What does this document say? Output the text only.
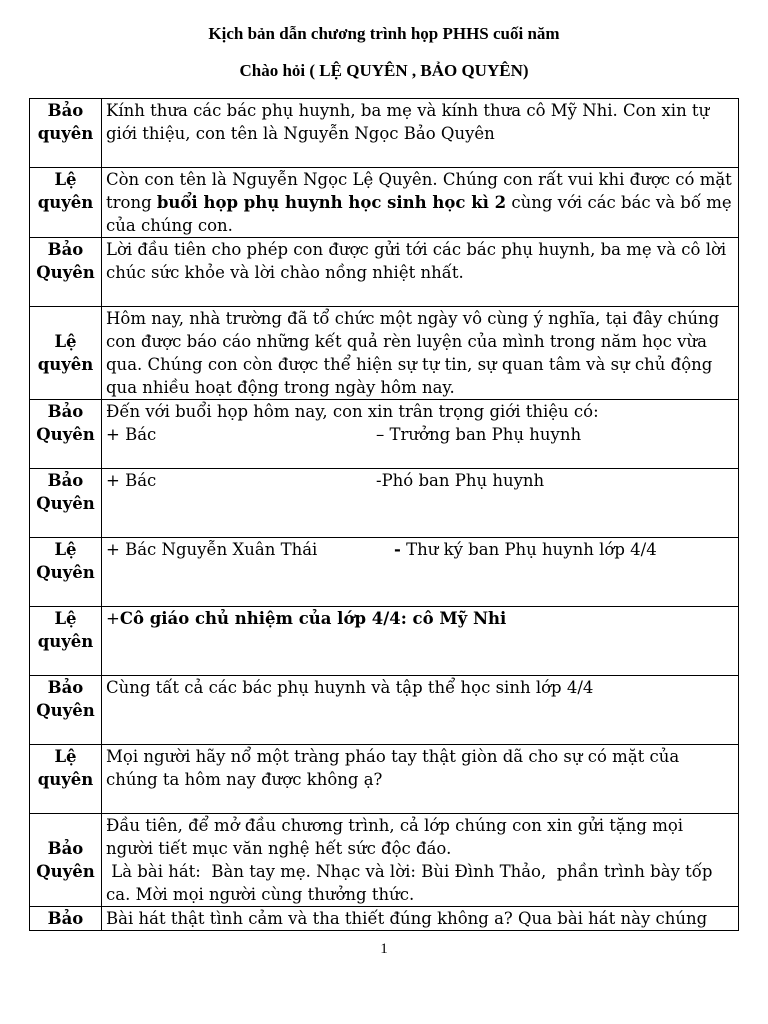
Kịch bản dẫn chương trình họp PHHS cuối năm
Chào hỏi ( LỆ QUYÊN , BẢO QUYÊN)
Bảo quyên	Kính thưa các bác phụ huynh, ba mẹ và kính thưa cô Mỹ Nhi. Con xin tự giới thiệu, con tên là Nguyễn Ngọc Bảo Quyên
Lệ quyên	Còn con tên là Nguyễn Ngọc Lệ Quyên. Chúng con rất vui khi được có mặt trong buổi họp phụ huynh học sinh học kì 2 cùng với các bác và bố mẹ của chúng con.
Bảo Quyên	Lời đầu tiên cho phép con được gửi tới các bác phụ huynh, ba mẹ và cô lời chúc sức khỏe và lời chào nồng nhiệt nhất.
Lệ quyên	Hôm nay, nhà trường đã tổ chức một ngày vô cùng ý nghĩa, tại đây chúng con được báo cáo những kết quả rèn luyện của mình trong năm học vừa qua. Chúng con còn được thể hiện sự tự tin, sự quan tâm và sự chủ động qua nhiều hoạt động trong ngày hôm nay.
Bảo Quyên	Đến với buổi họp hôm nay, con xin trân trọng giới thiệu có:
+ Bác – Trưởng ban Phụ huynh

Bảo Quyên	+ Bác -Phó ban Phụ huynh
Lệ Quyên	+ Bác Nguyễn Xuân Thái - Thư ký ban Phụ huynh lớp 4/4
Lệ quyên	+Cô giáo chủ nhiệm của lớp 4/4: cô Mỹ Nhi
Bảo Quyên	Cùng tất cả các bác phụ huynh và tập thể học sinh lớp 4/4
Lệ quyên	Mọi người hãy nổ một tràng pháo tay thật giòn dã cho sự có mặt của chúng ta hôm nay được không ạ?
Bảo Quyên	Đầu tiên, để mở đầu chương trình, cả lớp chúng con xin gửi tặng mọi người tiết mục văn nghệ hết sức độc đáo.
Là bài hát:  Bàn tay mẹ. Nhạc và lời: Bùi Đình Thảo,  phần trình bày tốp ca. Mời mọi người cùng thưởng thức.

Bảo	Bài hát thật tình cảm và tha thiết đúng không a? Qua bài hát này chúng
1
